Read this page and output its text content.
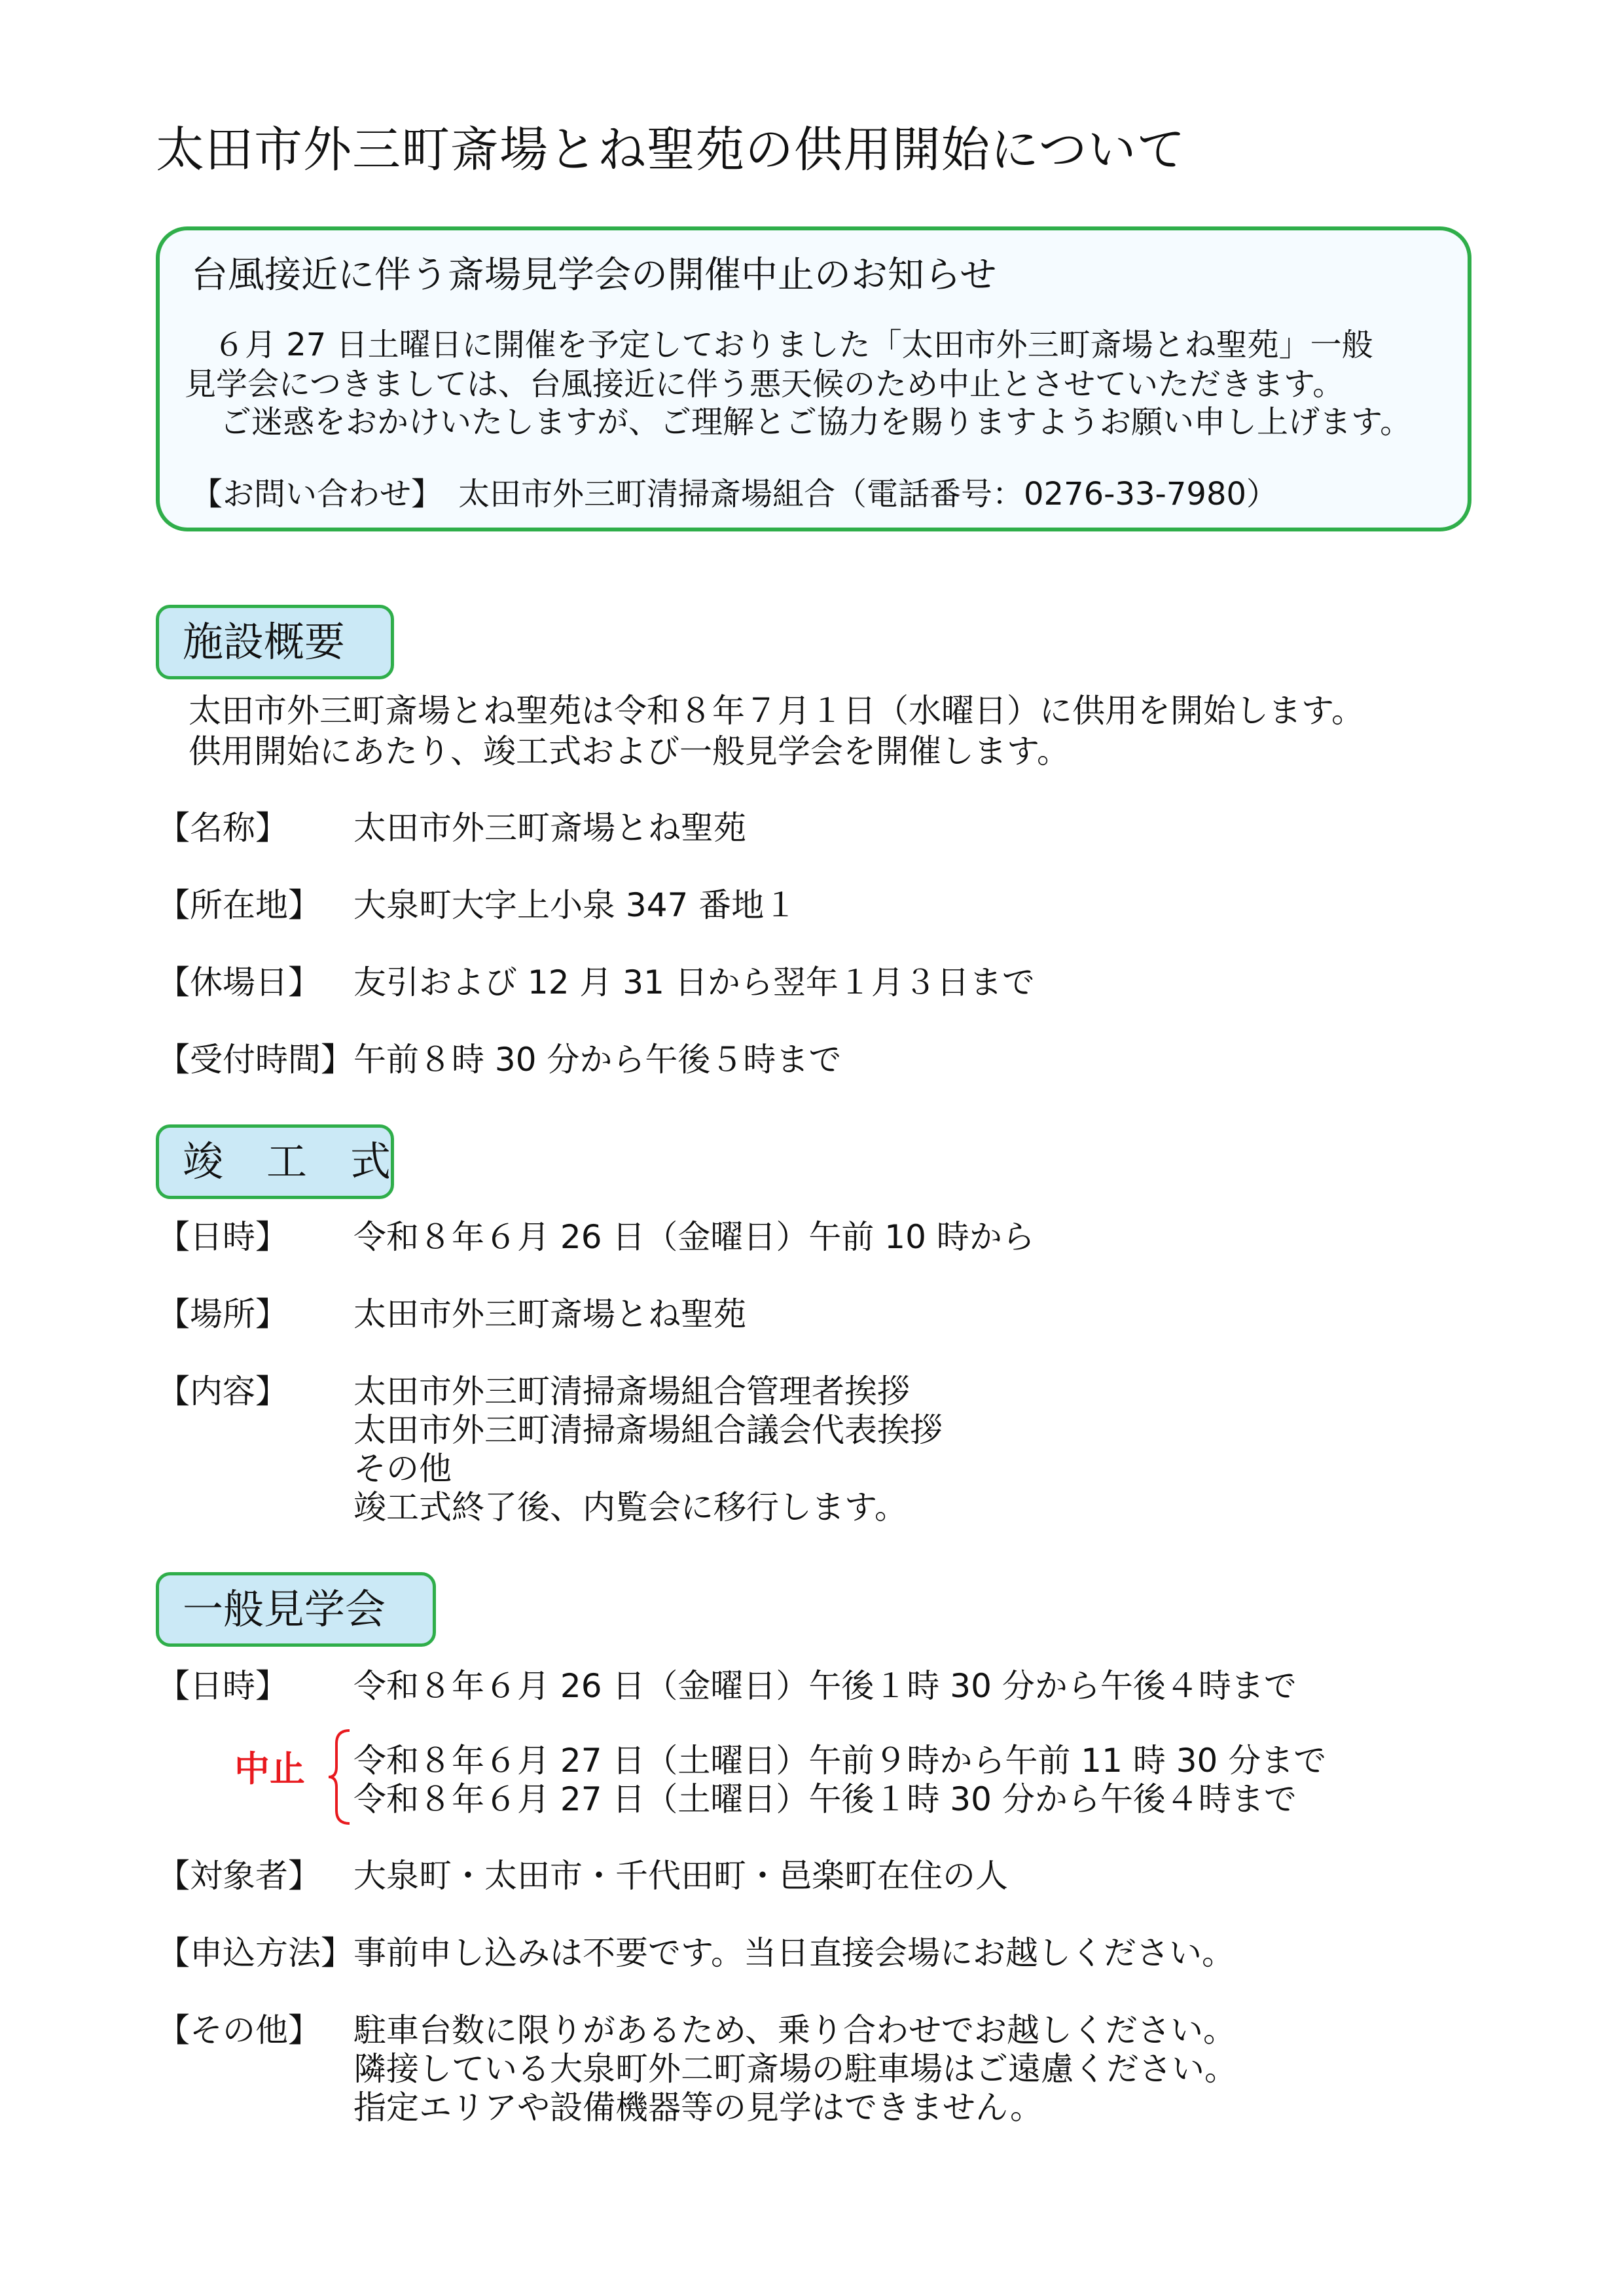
太田市外三町斎場とね聖苑の供用開始について
台風接近に伴う斎場見学会の開催中止のお知らせ
６月 27 日土曜日に開催を予定しておりました「太田市外三町斎場とね聖苑」一般
見学会につきましては、台風接近に伴う悪天候のため中止とさせていただきます。
ご迷惑をおかけいたしますが、ご理解とご協力を賜りますようお願い申し上げます。
【お問い合わせ】　太田市外三町清掃斎場組合（電話番号：0276-33-7980）
施設概要
太田市外三町斎場とね聖苑は令和８年７月１日（水曜日）に供用を開始します。
供用開始にあたり、竣工式および一般見学会を開催します。
【名称】 太田市外三町斎場とね聖苑
【所在地】 大泉町大字上小泉 347 番地１
【休場日】 友引および 12 月 31 日から翌年１月３日まで
【受付時間】 午前８時 30 分から午後５時まで
竣　工　式
【日時】 令和８年６月 26 日（金曜日）午前 10 時から
【場所】 太田市外三町斎場とね聖苑
【内容】 太田市外三町清掃斎場組合管理者挨拶
太田市外三町清掃斎場組合議会代表挨拶
その他
竣工式終了後、内覧会に移行します。
一般見学会
【日時】 令和８年６月 26 日（金曜日）午後１時 30 分から午後４時まで
中止 令和８年６月 27 日（土曜日）午前９時から午前 11 時 30 分まで
令和８年６月 27 日（土曜日）午後１時 30 分から午後４時まで
【対象者】 大泉町・太田市・千代田町・邑楽町在住の人
【申込方法】 事前申し込みは不要です。当日直接会場にお越しください。
【その他】 駐車台数に限りがあるため、乗り合わせでお越しください。
隣接している大泉町外二町斎場の駐車場はご遠慮ください。
指定エリアや設備機器等の見学はできません。
